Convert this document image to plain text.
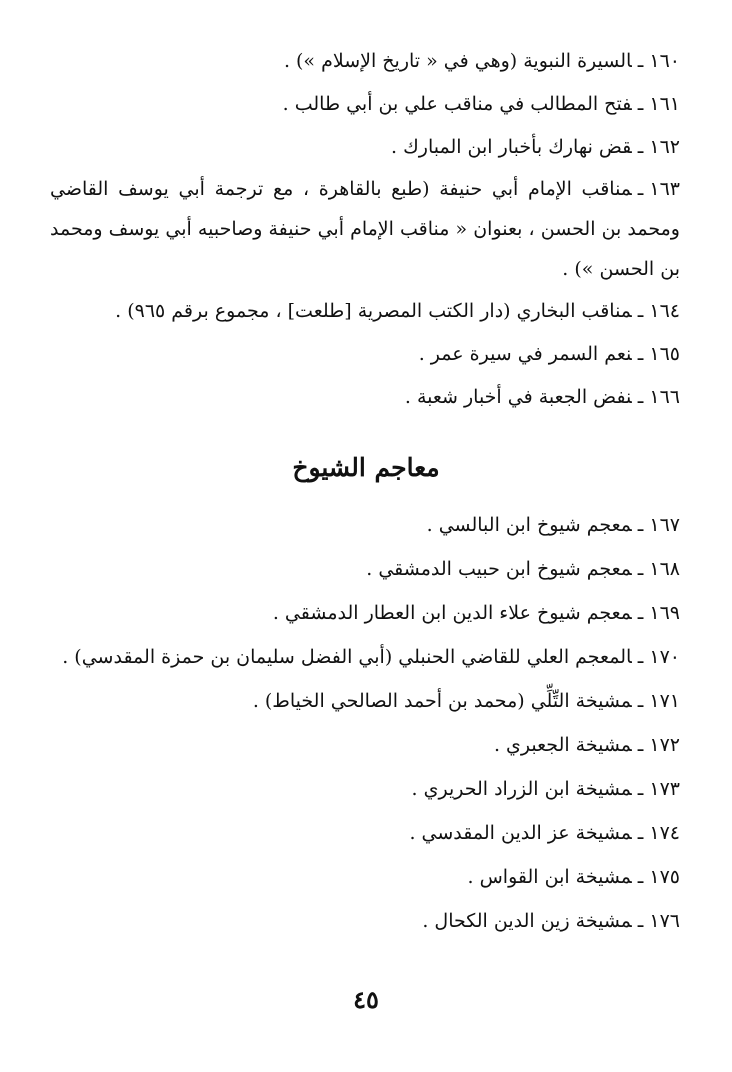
١٦٠ـالسيرة النبوية (وهي في « تاريخ الإسلام ») .
١٦١ـفتح المطالب في مناقب علي بن أبي طالب .
١٦٢ـقض نهارك بأخبار ابن المبارك .
١٦٣ـمناقب الإمام أبي حنيفة (طبع بالقاهرة ، مع ترجمة أبي يوسف القاضي ومحمد بن الحسن ، بعنوان « مناقب الإمام أبي حنيفة وصاحبيه أبي يوسف ومحمد بن الحسن ») .
١٦٤ـمناقب البخاري (دار الكتب المصرية [طلعت] ، مجموع برقم ٩٦٥) .
١٦٥ـنعم السمر في سيرة عمر .
١٦٦ـنفض الجعبة في أخبار شعبة .
معاجم الشيوخ
١٦٧ـمعجم شيوخ ابن البالسي .
١٦٨ـمعجم شيوخ ابن حبيب الدمشقي .
١٦٩ـمعجم شيوخ علاء الدين ابن العطار الدمشقي .
١٧٠ـالمعجم العلي للقاضي الحنبلي (أبي الفضل سليمان بن حمزة المقدسي) .
١٧١ـمشيخة التِّلِّي (محمد بن أحمد الصالحي الخياط) .
١٧٢ـمشيخة الجعبري .
١٧٣ـمشيخة ابن الزراد الحريري .
١٧٤ـمشيخة عز الدين المقدسي .
١٧٥ـمشيخة ابن القواس .
١٧٦ـمشيخة زين الدين الكحال .
٤٥
